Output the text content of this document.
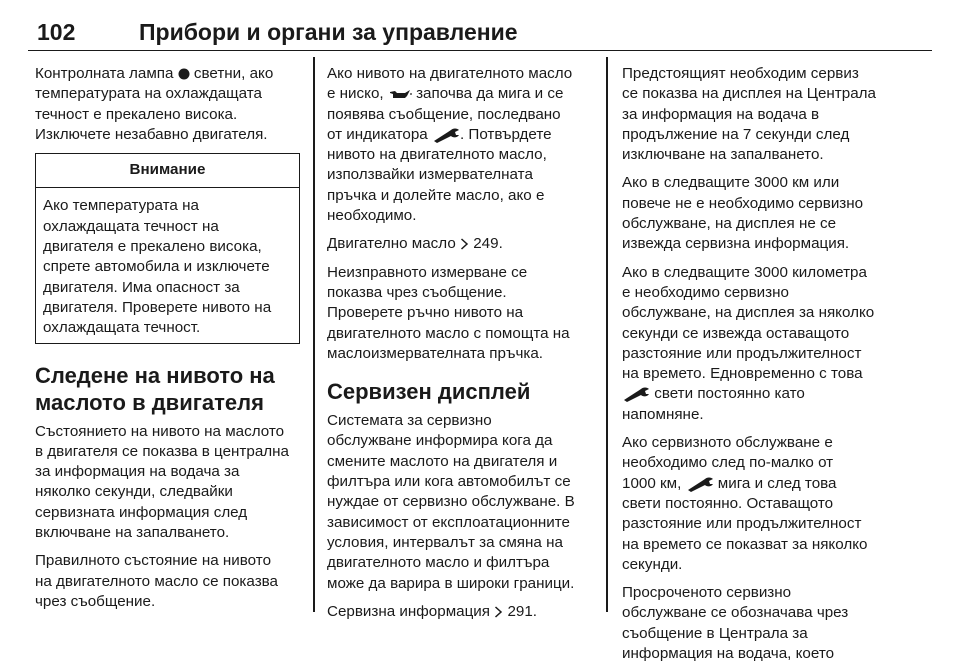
102	Прибори и органи за управление

Контролната лампа светни, ако
температурата на охлаждащата
течност е прекалено висока.
Изключете незабавно двигателя.

Внимание
Ако температурата на
охлаждащата течност на
двигателя е прекалено висока,
спрете автомобила и изключете
двигателя. Има опасност за
двигателя. Проверете нивото на
охлаждащата течност.
Следене на нивото на
маслото в двигателя

Състоянието на нивото на маслото
в двигателя се показва в централна
за информация на водача за
няколко секунди, следвайки
сервизната информация след
включване на запалването.

Правилното състояние на нивото
на двигателното масло се показва
чрез съобщение.

Ако нивото на двигателното масло
е ниско, започва да мига и се
появява съобщение, последвано
от индикатора . Потвърдете
нивото на двигателното масло,
използвайки измервателната
пръчка и долейте масло, ако е
необходимо.

Двигателно масло 249.

Неизправното измерване се
показва чрез съобщение.
Проверете ръчно нивото на
двигателното масло с помощта на
маслоизмервателната пръчка.

Сервизен дисплей

Системата за сервизно
обслужване информира кога да
смените маслото на двигателя и
филтъра или кога автомобилът се
нуждае от сервизно обслужване. В
зависимост от експлоатационните
условия, интервалът за смяна на
двигателното масло и филтъра
може да варира в широки граници.

Сервизна информация 291.

Предстоящият необходим сервиз
се показва на дисплея на Централа
за информация на водача в
продължение на 7 секунди след
изключване на запалването.

Ако в следващите 3000 км или
повече не е необходимо сервизно
обслужване, на дисплея не се
извежда сервизна информация.

Ако в следващите 3000 километра
е необходимо сервизно
обслужване, на дисплея за няколко
секунди се извежда оставащото
разстояние или продължителност
на времето. Едновременно с това
свети постоянно като
напомняне.

Ако сервизното обслужване е
необходимо след по-малко от
1000 км, мига и след това
свети постоянно. Оставащото
разстояние или продължителност
на времето се показват за няколко
секунди.

Просроченото сервизно
обслужване се обозначава чрез
съобщение в Централа за
информация на водача, което
